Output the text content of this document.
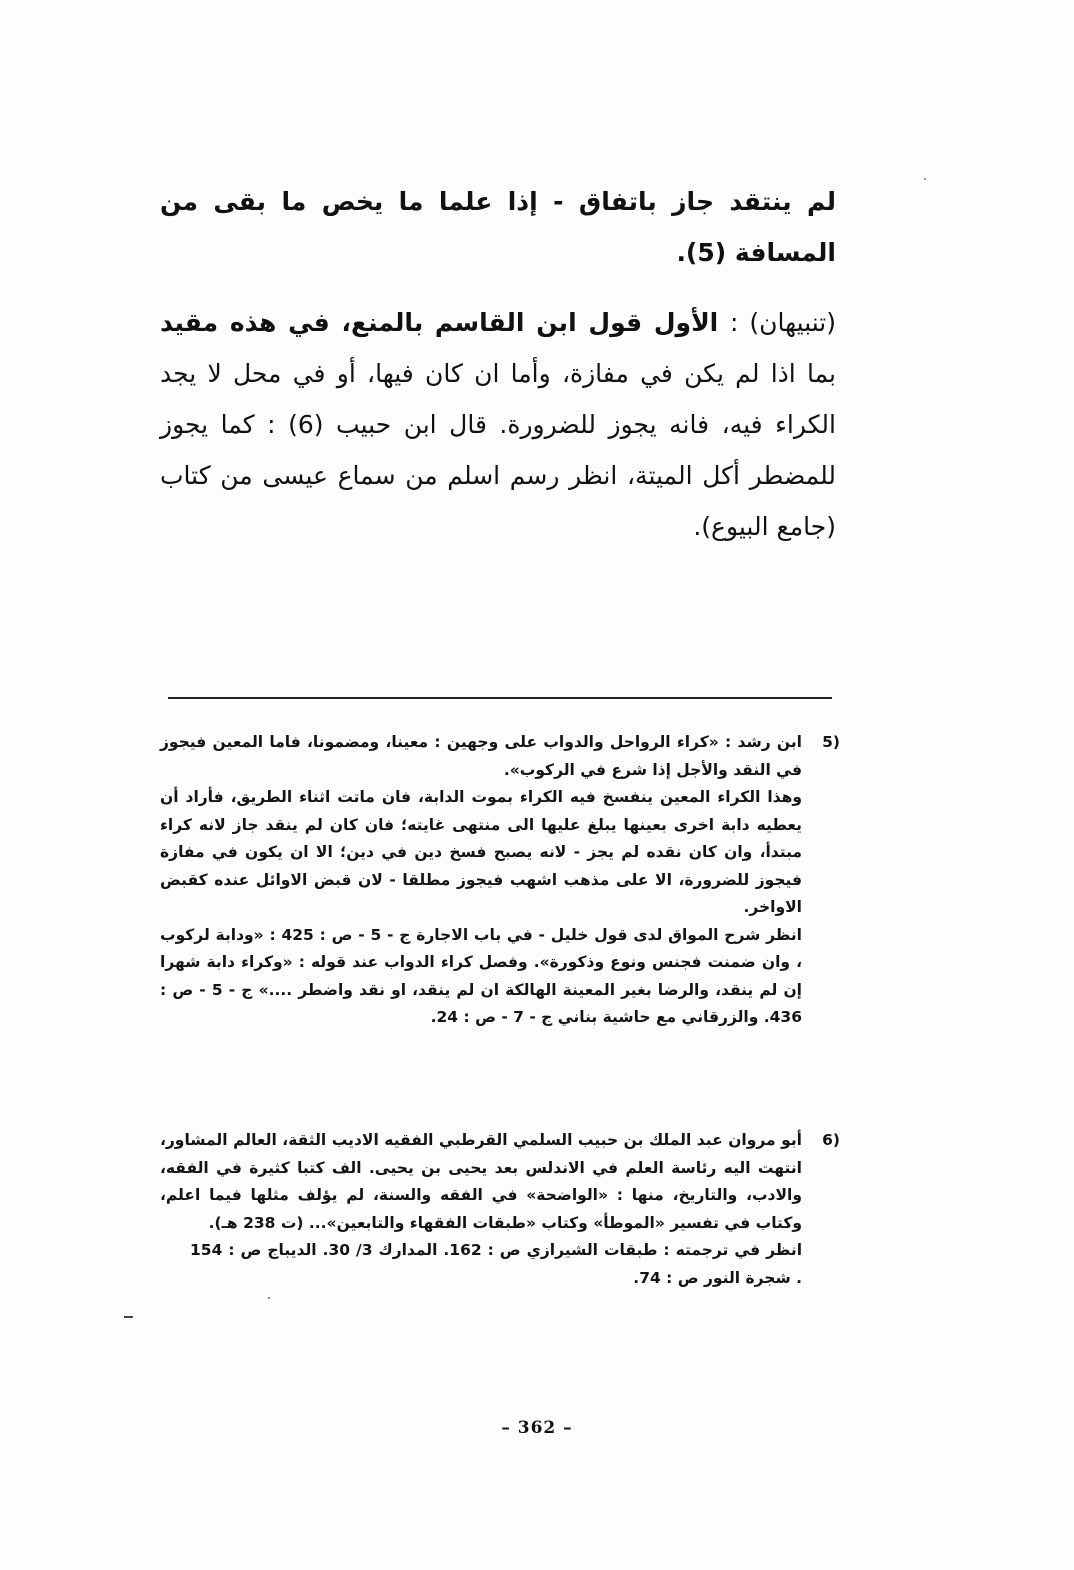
لم ينتقد جاز باتفاق - إذا علما ما يخص ما بقى من المسافة (5).
(تنبيهان) : الأول قول ابن القاسم بالمنع، في هذه مقيد بما اذا لم يكن في مفازة، وأما ان كان فيها، أو في محل لا يجد الكراء فيه، فانه يجوز للضرورة. قال ابن حبيب (6) : كما يجوز للمضطر أكل الميتة، انظر رسم اسلم من سماع عيسى من كتاب (جامع البيوع).
(5
ابن رشد : «كراء الرواحل والدواب على وجهين : معينا، ومضمونا، فاما المعين فيجوز في النقد والأجل إذا شرع في الركوب».
وهذا الكراء المعين ينفسخ فيه الكراء بموت الدابة، فان ماتت اثناء الطريق، فأراد أن يعطيه دابة اخرى بعينها يبلغ عليها الى منتهى غايته؛ فان كان لم ينقد جاز لانه كراء مبتدأ، وان كان نقده لم يجز - لانه يصبح فسخ دين في دين؛ الا ان يكون في مفازة فيجوز للضرورة، الا على مذهب اشهب فيجوز مطلقا - لان قبض الاوائل عنده كقبض الاواخر.
انظر شرح المواق لدى قول خليل - في باب الاجارة ج - 5 - ص : 425 : «ودابة لركوب ، وان ضمنت فجنس ونوع وذكورة». وفصل كراء الدواب عند قوله : «وكراء دابة شهرا إن لم ينقد، والرضا بغير المعينة الهالكة ان لم ينقد، او نقد واضطر ....» ج - 5 - ص : 436. والزرقاني مع حاشية بناني ج - 7 - ص : 24.
(6
أبو مروان عبد الملك بن حبيب السلمي القرطبي الفقيه الاديب الثقة، العالم المشاور، انتهت اليه رئاسة العلم في الاندلس بعد يحيى بن يحيى. الف كتبا كثيرة في الفقه، والادب، والتاريخ، منها : «الواضحة» في الفقه والسنة، لم يؤلف مثلها فيما اعلم، وكتاب في تفسير «الموطأ» وكتاب «طبقات الفقهاء والتابعين»... (ت 238 هـ).
انظر في ترجمته : طبقات الشيرازي ص : 162. المدارك 3/ 30. الديباج ص : 154 . شجرة النور ص : 74.
– 362 –
